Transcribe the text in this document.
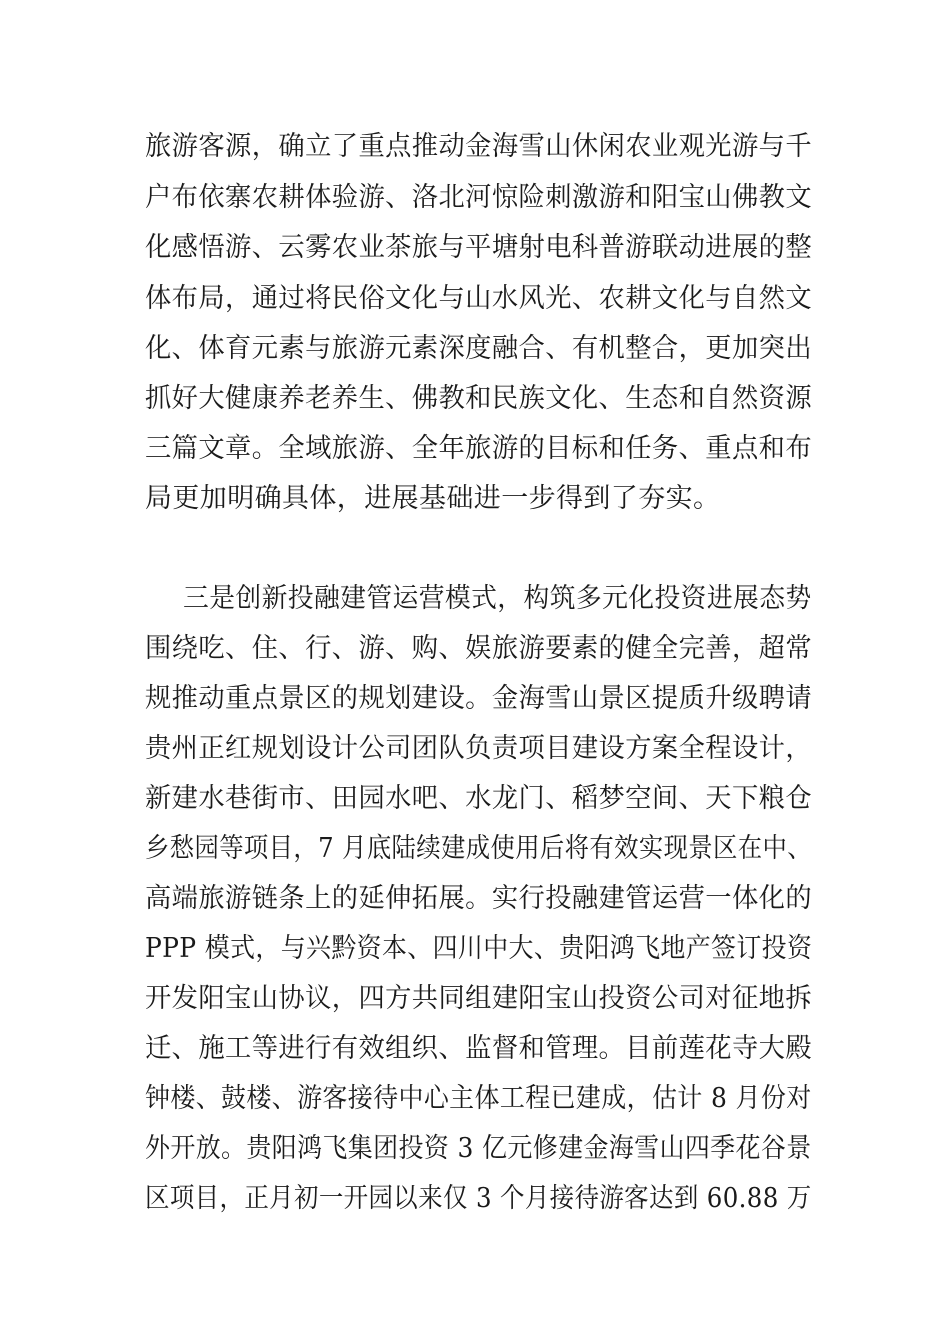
旅游客源，确立了重点推动金海雪山休闲农业观光游与千
户布依寨农耕体验游、洛北河惊险刺激游和阳宝山佛教文
化感悟游、云雾农业茶旅与平塘射电科普游联动进展的整
体布局，通过将民俗文化与山水风光、农耕文化与自然文
化、体育元素与旅游元素深度融合、有机整合，更加突出
抓好大健康养老养生、佛教和民族文化、生态和自然资源
三篇文章。全域旅游、全年旅游的目标和任务、重点和布
局更加明确具体，进展基础进一步得到了夯实。
三是创新投融建管运营模式，构筑多元化投资进展态势
围绕吃、住、行、游、购、娱旅游要素的健全完善，超常
规推动重点景区的规划建设。金海雪山景区提质升级聘请
贵州正红规划设计公司团队负责项目建设方案全程设计，
新建水巷街市、田园水吧、水龙门、稻梦空间、天下粮仓
乡愁园等项目，7 月底陆续建成使用后将有效实现景区在中、
高端旅游链条上的延伸拓展。实行投融建管运营一体化的
PPP 模式，与兴黔资本、四川中大、贵阳鸿飞地产签订投资
开发阳宝山协议，四方共同组建阳宝山投资公司对征地拆
迁、施工等进行有效组织、监督和管理。目前莲花寺大殿
钟楼、鼓楼、游客接待中心主体工程已建成，估计 8 月份对
外开放。贵阳鸿飞集团投资 3 亿元修建金海雪山四季花谷景
区项目，正月初一开园以来仅 3 个月接待游客达到 60.88 万
